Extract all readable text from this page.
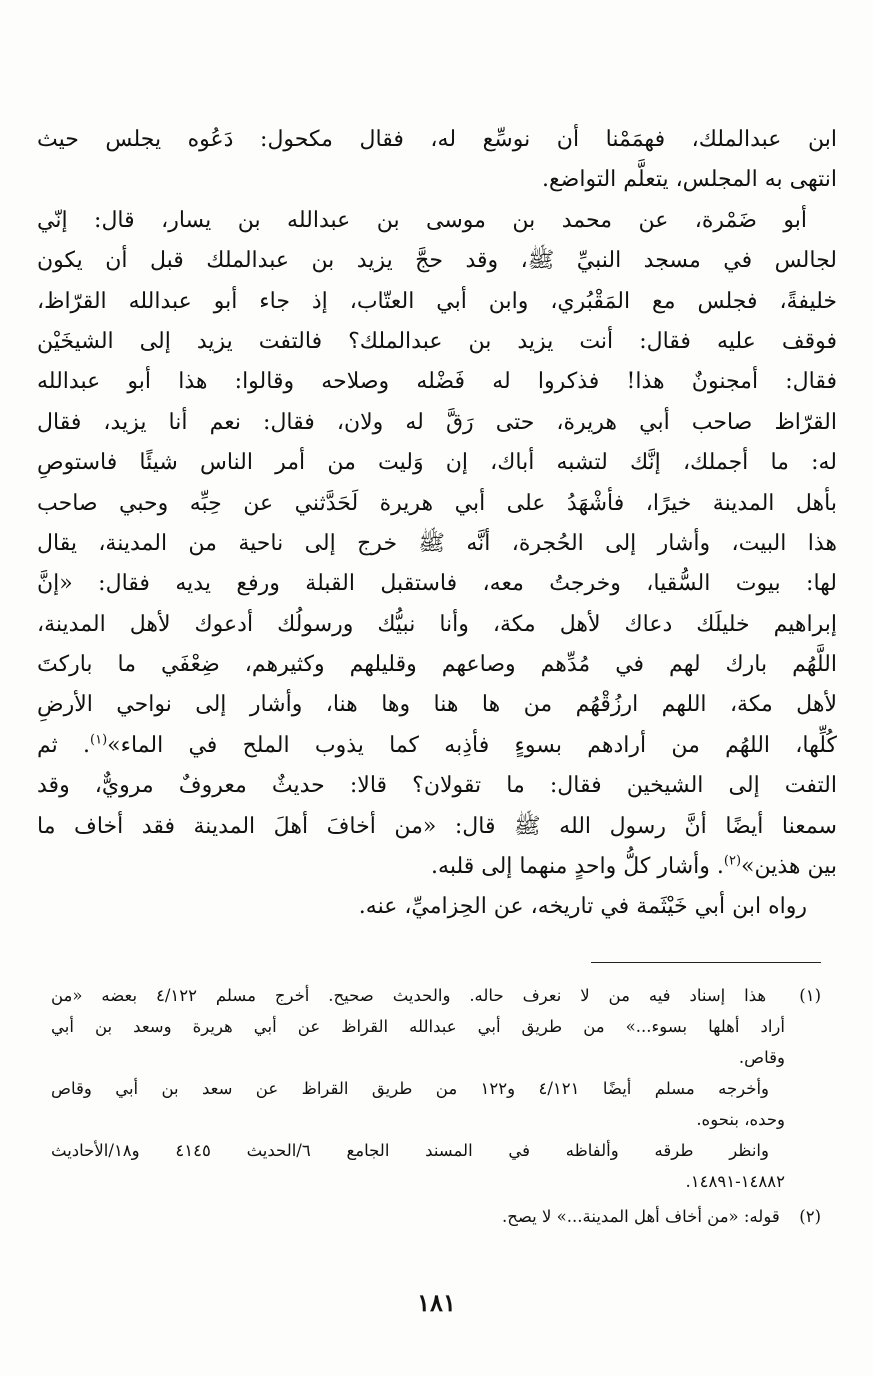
ابن عبدالملك، فهمَمْنا أن نوسِّع له، فقال مكحول: دَعُوه يجلس حيث
انتهى به المجلس، يتعلَّم التواضع.
أبو ضَمْرة، عن محمد بن موسى بن عبدالله بن يسار، قال: إنّي
لجالس في مسجد النبيِّ ﷺ، وقد حجَّ يزيد بن عبدالملك قبل أن يكون
خليفةً، فجلس مع المَقْبُري، وابن أبي العتّاب، إذ جاء أبو عبدالله القرّاظ،
فوقف عليه فقال: أنت يزيد بن عبدالملك؟ فالتفت يزيد إلى الشيخَيْن
فقال: أمجنونٌ هذا! فذكروا له فَضْله وصلاحه وقالوا: هذا أبو عبدالله
القرّاظ صاحب أبي هريرة، حتى رَقَّ له ولان، فقال: نعم أنا يزيد، فقال
له: ما أجملك، إنَّك لتشبه أباك، إن وَليت من أمر الناس شيئًا فاستوصِ
بأهل المدينة خيرًا، فأشْهَدُ على أبي هريرة لَحَدَّثني عن حِبِّه وحبي صاحب
هذا البيت، وأشار إلى الحُجرة، أنَّه ﷺ خرج إلى ناحية من المدينة، يقال
لها: بيوت السُّقيا، وخرجتُ معه، فاستقبل القبلة ورفع يديه فقال: «إنَّ
إبراهيم خليلَك دعاك لأهل مكة، وأنا نبيُّك ورسولُك أدعوك لأهل المدينة،
اللَّهُم بارك لهم في مُدِّهم وصاعهم وقليلهم وكثيرهم، ضِعْفَي ما باركتَ
لأهل مكة، اللهم ارزُقْهُم من ها هنا وها هنا، وأشار إلى نواحي الأرضِ
كُلِّها، اللهُم من أرادهم بسوءٍ فأذِبه كما يذوب الملح في الماء»$^{(١)}$. ثم
التفت إلى الشيخين فقال: ما تقولان؟ قالا: حديثٌ معروفٌ مرويٌّ، وقد
سمعنا أيضًا أنَّ رسول الله ﷺ قال: «من أخافَ أهلَ المدينة فقد أخاف ما
بين هذين»$^{(٢)}$. وأشار كلُّ واحدٍ منهما إلى قلبه.
رواه ابن أبي خَيْثَمة في تاريخه، عن الحِزاميِّ، عنه.
(١) هذا إسناد فيه من لا نعرف حاله. والحديث صحيح. أخرج مسلم ٤/١٢٢ بعضه «من
أراد أهلها بسوء...» من طريق أبي عبدالله القراظ عن أبي هريرة وسعد بن أبي
وقاص.
وأخرجه مسلم أيضًا ٤/١٢١ و١٢٢ من طريق القراظ عن سعد بن أبي وقاص
وحده، بنحوه.
وانظر طرقه وألفاظه في المسند الجامع ٦/الحديث ٤١٤٥ و١٨/الأحاديث
١٤٨٨٢-١٤٨٩١.
(٢) قوله: «من أخاف أهل المدينة...» لا يصح.
١٨١
